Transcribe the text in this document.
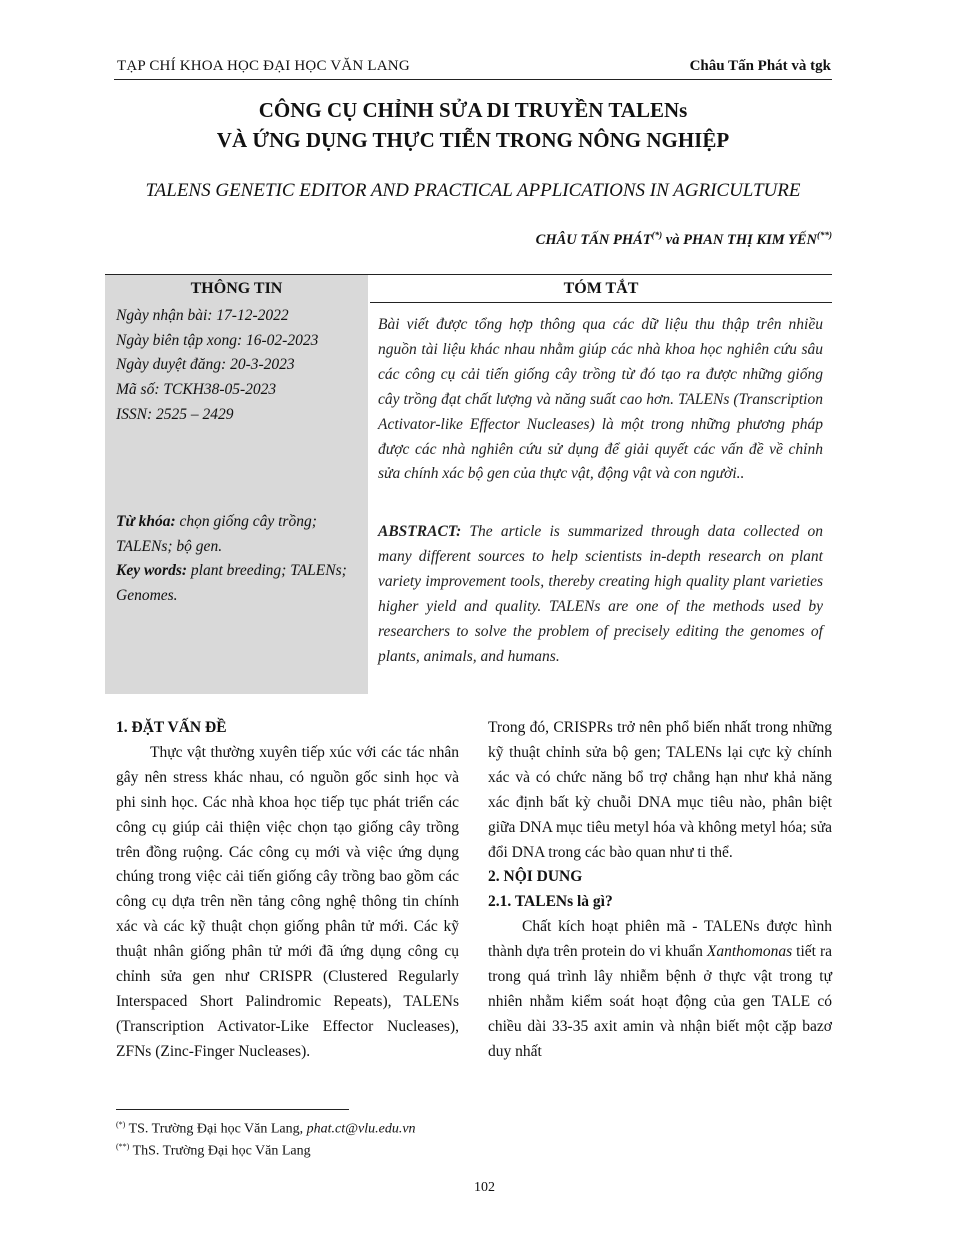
TẠP CHÍ KHOA HỌC ĐẠI HỌC VĂN LANG	Châu Tấn Phát và tgk
CÔNG CỤ CHỈNH SỬA DI TRUYỀN TALENs
VÀ ỨNG DỤNG THỰC TIỄN TRONG NÔNG NGHIỆP
TALENS GENETIC EDITOR AND PRACTICAL APPLICATIONS IN AGRICULTURE
CHÂU TẤN PHÁT(*) và PHAN THỊ KIM YẾN(**)
THÔNG TIN	TÓM TẮT
Ngày nhận bài: 17-12-2022
Ngày biên tập xong: 16-02-2023
Ngày duyệt đăng: 20-3-2023
Mã số: TCKH38-05-2023
ISSN: 2525 – 2429
Từ khóa: chọn giống cây trồng; TALENs; bộ gen.
Key words: plant breeding; TALENs; Genomes.
Bài viết được tổng hợp thông qua các dữ liệu thu thập trên nhiều nguồn tài liệu khác nhau nhằm giúp các nhà khoa học nghiên cứu sâu các công cụ cải tiến giống cây trồng từ đó tạo ra được những giống cây trồng đạt chất lượng và năng suất cao hơn. TALENs (Transcription Activator-like Effector Nucleases) là một trong những phương pháp được các nhà nghiên cứu sử dụng để giải quyết các vấn đề về chỉnh sửa chính xác bộ gen của thực vật, động vật và con người..
ABSTRACT: The article is summarized through data collected on many different sources to help scientists in-depth research on plant variety improvement tools, thereby creating high quality plant varieties higher yield and quality. TALENs are one of the methods used by researchers to solve the problem of precisely editing the genomes of plants, animals, and humans.

1. ĐẶT VẤN ĐỀ

Thực vật thường xuyên tiếp xúc với các tác nhân gây nên stress khác nhau, có nguồn gốc sinh học và phi sinh học. Các nhà khoa học tiếp tục phát triển các công cụ giúp cải thiện việc chọn tạo giống cây trồng trên đồng ruộng. Các công cụ mới và việc ứng dụng chúng trong việc cải tiến giống cây trồng bao gồm các công cụ dựa trên nền tảng công nghệ thông tin chính xác và các kỹ thuật chọn giống phân tử mới. Các kỹ thuật nhân giống phân tử mới đã ứng dụng công cụ chỉnh sửa gen như CRISPR (Clustered Regularly Interspaced Short Palindromic Repeats), TALENs (Transcription Activator-Like Effector Nucleases), ZFNs (Zinc-Finger Nucleases).

Trong đó, CRISPRs trở nên phổ biến nhất trong những kỹ thuật chỉnh sửa bộ gen; TALENs lại cực kỳ chính xác và có chức năng bổ trợ chẳng hạn như khả năng xác định bất kỳ chuỗi DNA mục tiêu nào, phân biệt giữa DNA mục tiêu metyl hóa và không metyl hóa; sửa đổi DNA trong các bào quan như ti thể.

2. NỘI DUNG

2.1. TALENs là gì?

Chất kích hoạt phiên mã - TALENs được hình thành dựa trên protein do vi khuẩn Xanthomonas tiết ra trong quá trình lây nhiễm bệnh ở thực vật trong tự nhiên nhằm kiểm soát hoạt động của gen TALE có chiều dài 33-35 axit amin và nhận biết một cặp bazơ duy nhất

(*) TS. Trường Đại học Văn Lang, phat.ct@vlu.edu.vn
(**) ThS. Trường Đại học Văn Lang
102
